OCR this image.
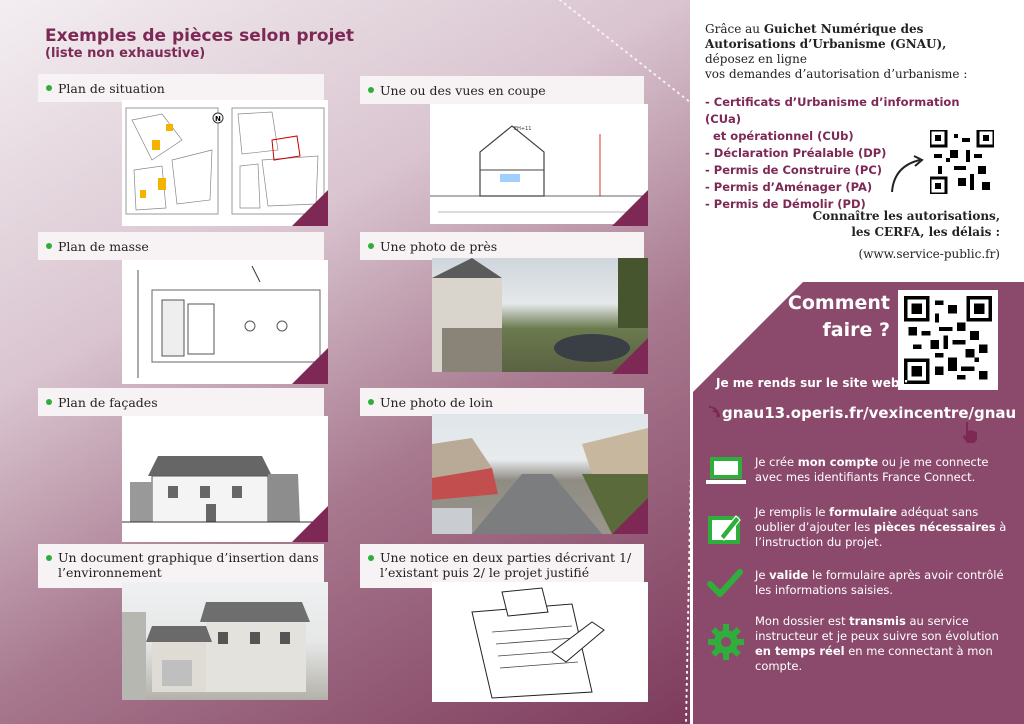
Exemples de pièces selon projet
(liste non exhaustive)
Plan de situation
N
Une ou des vues en coupe
EH+11
Plan de masse	Une photo de près
Plan de façades	Une photo de loin
Un document graphique d’insertion dans l’environnement
Une notice en deux parties décrivant 1/ l’existant puis 2/ le projet justifié
Grâce au Guichet Numérique des Autorisations d’Urbanisme (GNAU),
déposez en ligne
vos demandes d’autorisation d’urbanisme :
- Certificats d’Urbanisme d’information (CUa)
et opérationnel (CUb)
- Déclaration Préalable (DP)
- Permis de Construire (PC)
- Permis d’Aménager (PA)
- Permis de Démolir (PD)
Connaître les autorisations, les CERFA, les délais :
(www.service-public.fr)
Comment faire ?
Je me rends sur le site web :
gnau13.operis.fr/vexincentre/gnau
Je crée mon compte ou je me connecte avec mes identifiants France Connect.
Je remplis le formulaire adéquat sans oublier d’ajouter les pièces nécessaires à l’instruction du projet.
Je valide le formulaire après avoir contrôlé les informations saisies.
Mon dossier est transmis au service instructeur et je peux suivre son évolution en temps réel en me connectant à mon compte.
